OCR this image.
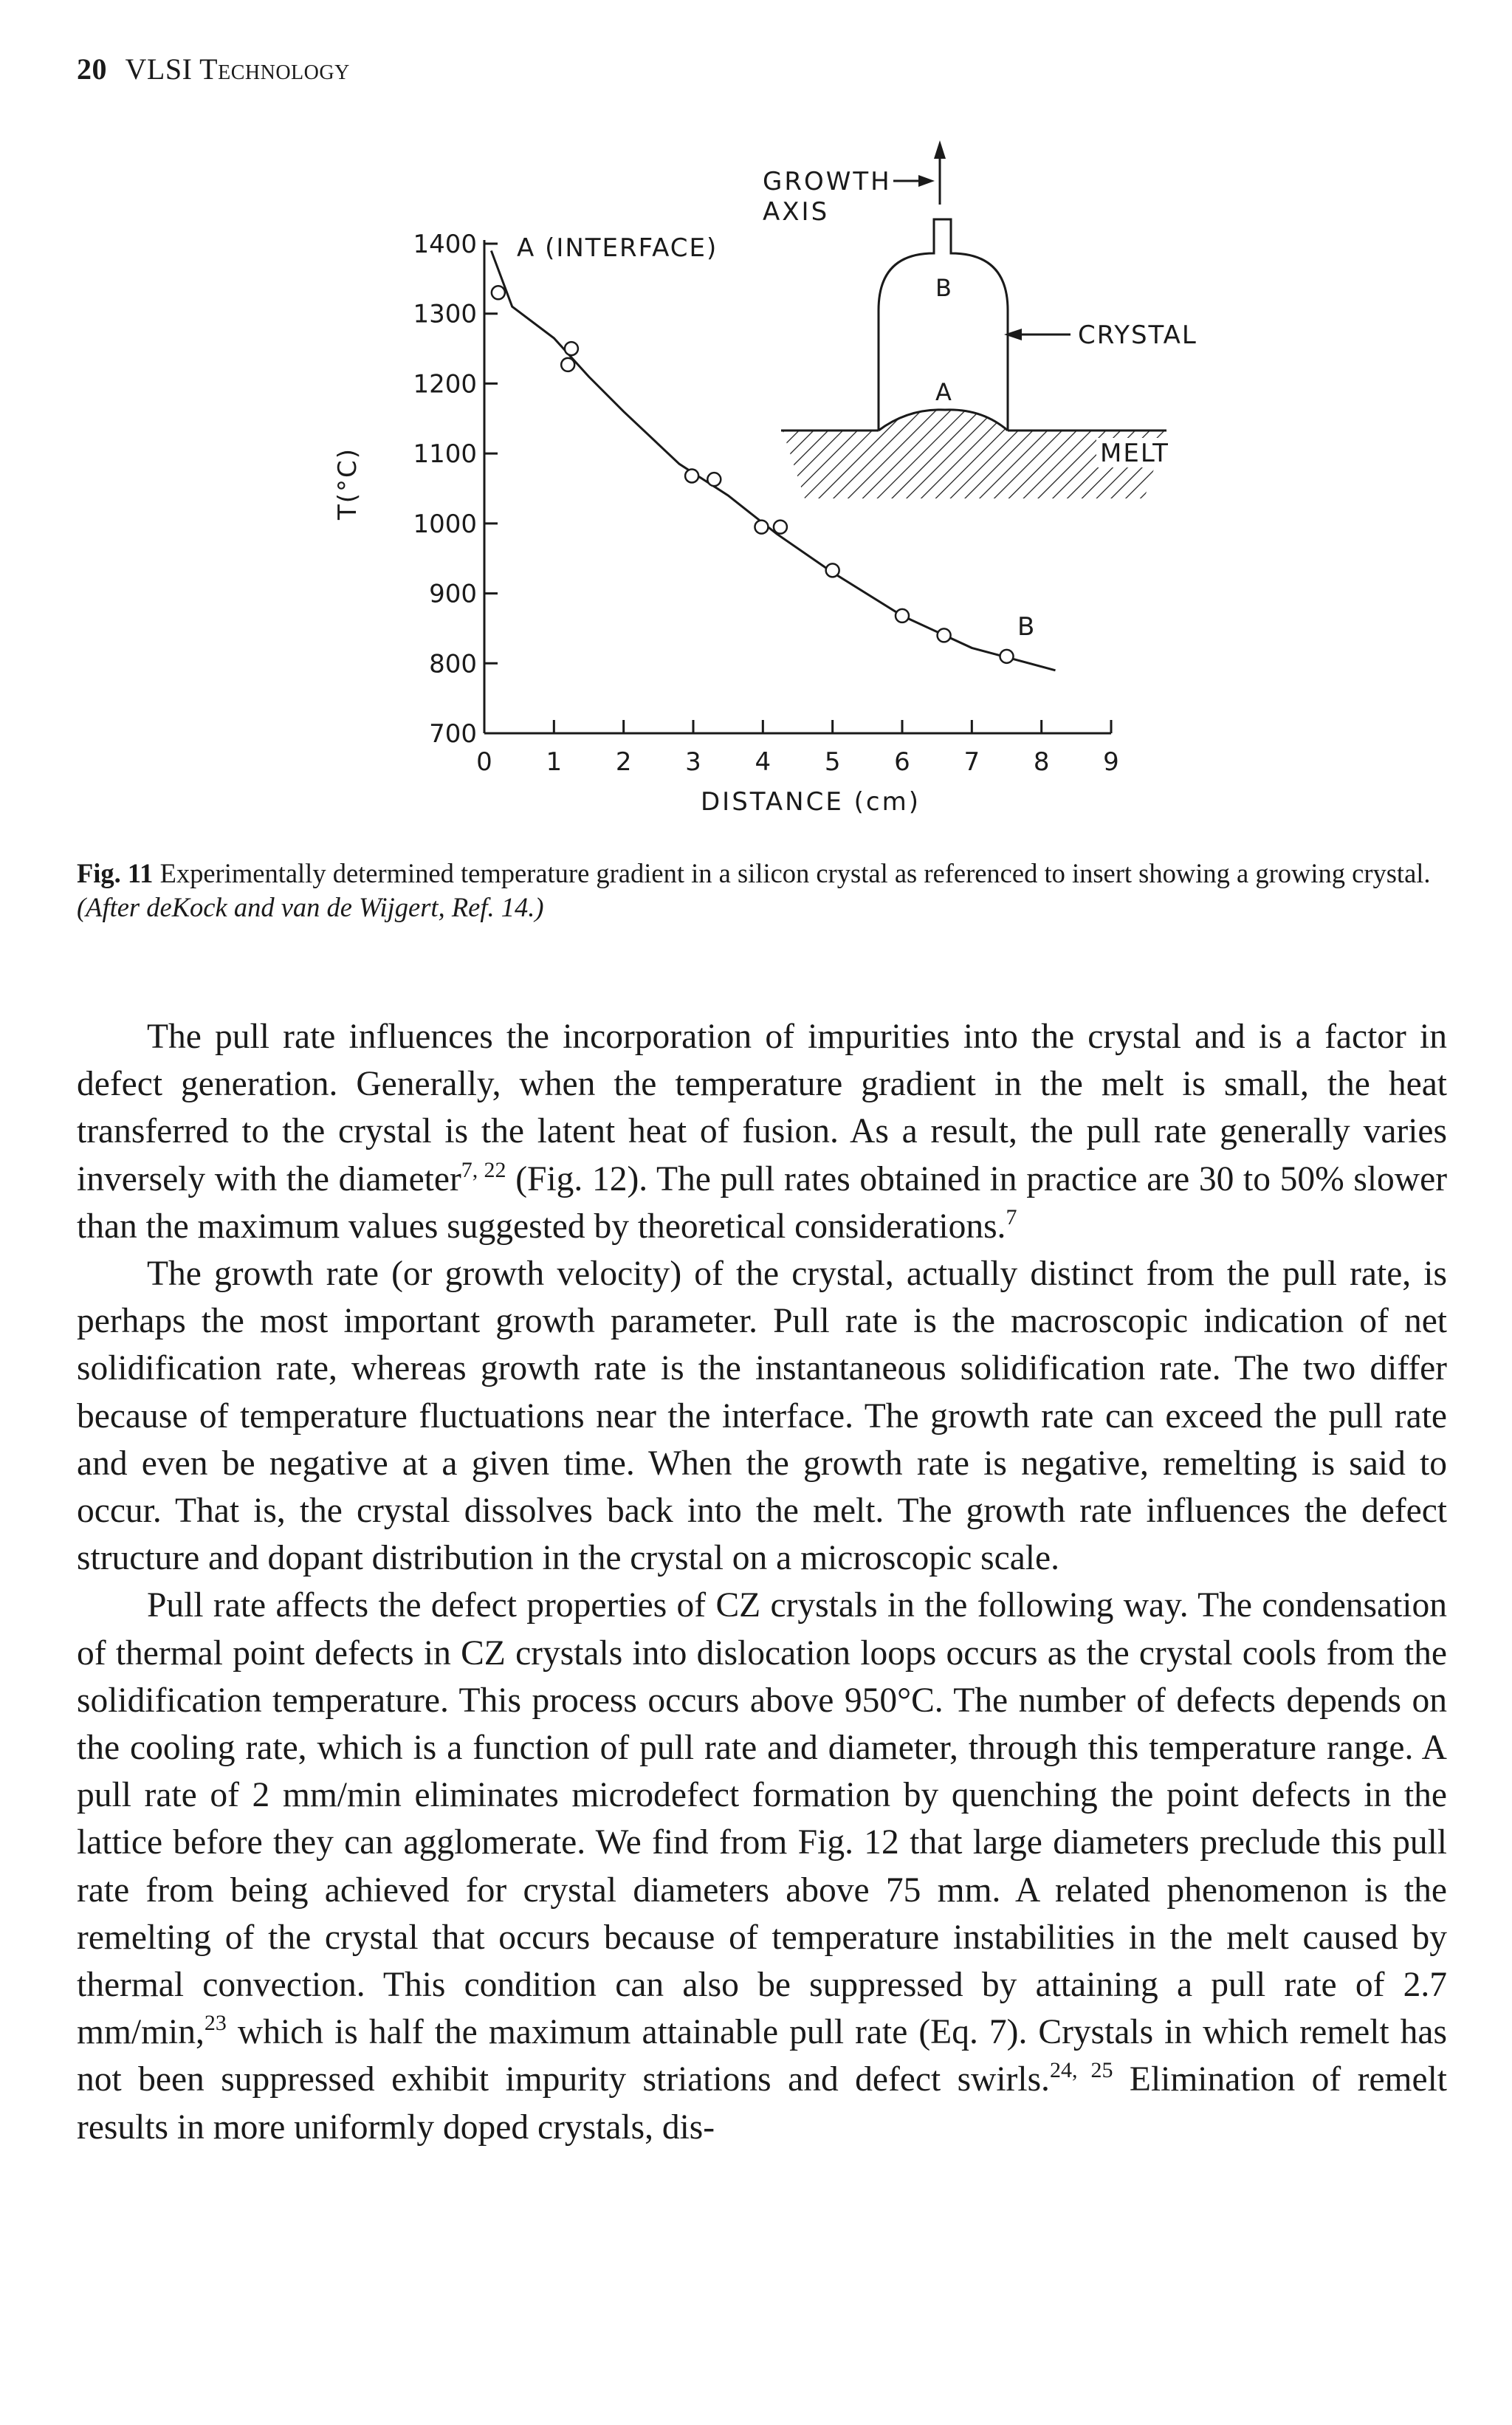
20 VLSI Technology
700
800
900
1000
1100
1200
1300
1400
0 1 2 3 4 5 6 7 8 9
T(°C)
DISTANCE (cm)
A (INTERFACE)
B
GROWTH
AXIS
B
A
CRYSTAL
MELT
Fig. 11 Experimentally determined temperature gradient in a silicon crystal as referenced to insert showing a growing crystal. (After deKock and van de Wijgert, Ref. 14.)

The pull rate influences the incorporation of impurities into the crystal and is a factor in defect generation. Generally, when the temperature gradient in the melt is small, the heat transferred to the crystal is the latent heat of fusion. As a result, the pull rate generally varies inversely with the diameter$^{7, 22}$ (Fig. 12). The pull rates obtained in practice are 30 to 50% slower than the maximum values suggested by theoretical considerations.$^7$

The growth rate (or growth velocity) of the crystal, actually distinct from the pull rate, is perhaps the most important growth parameter. Pull rate is the macroscopic indication of net solidification rate, whereas growth rate is the instantaneous solidification rate. The two differ because of temperature fluctuations near the interface. The growth rate can exceed the pull rate and even be negative at a given time. When the growth rate is negative, remelting is said to occur. That is, the crystal dissolves back into the melt. The growth rate influences the defect structure and dopant distribution in the crystal on a microscopic scale.

Pull rate affects the defect properties of CZ crystals in the following way. The condensation of thermal point defects in CZ crystals into dislocation loops occurs as the crystal cools from the solidification temperature. This process occurs above 950°C. The number of defects depends on the cooling rate, which is a function of pull rate and diameter, through this temperature range. A pull rate of 2 mm/min eliminates microdefect formation by quenching the point defects in the lattice before they can agglomerate. We find from Fig. 12 that large diameters preclude this pull rate from being achieved for crystal diameters above 75 mm. A related phenomenon is the remelting of the crystal that occurs because of temperature instabilities in the melt caused by thermal convection. This condition can also be suppressed by attaining a pull rate of 2.7 mm/min,$^{23}$ which is half the maximum attainable pull rate (Eq. 7). Crystals in which remelt has not been suppressed exhibit impurity striations and defect swirls.$^{24, 25}$ Elimination of remelt results in more uniformly doped crystals, dis-
